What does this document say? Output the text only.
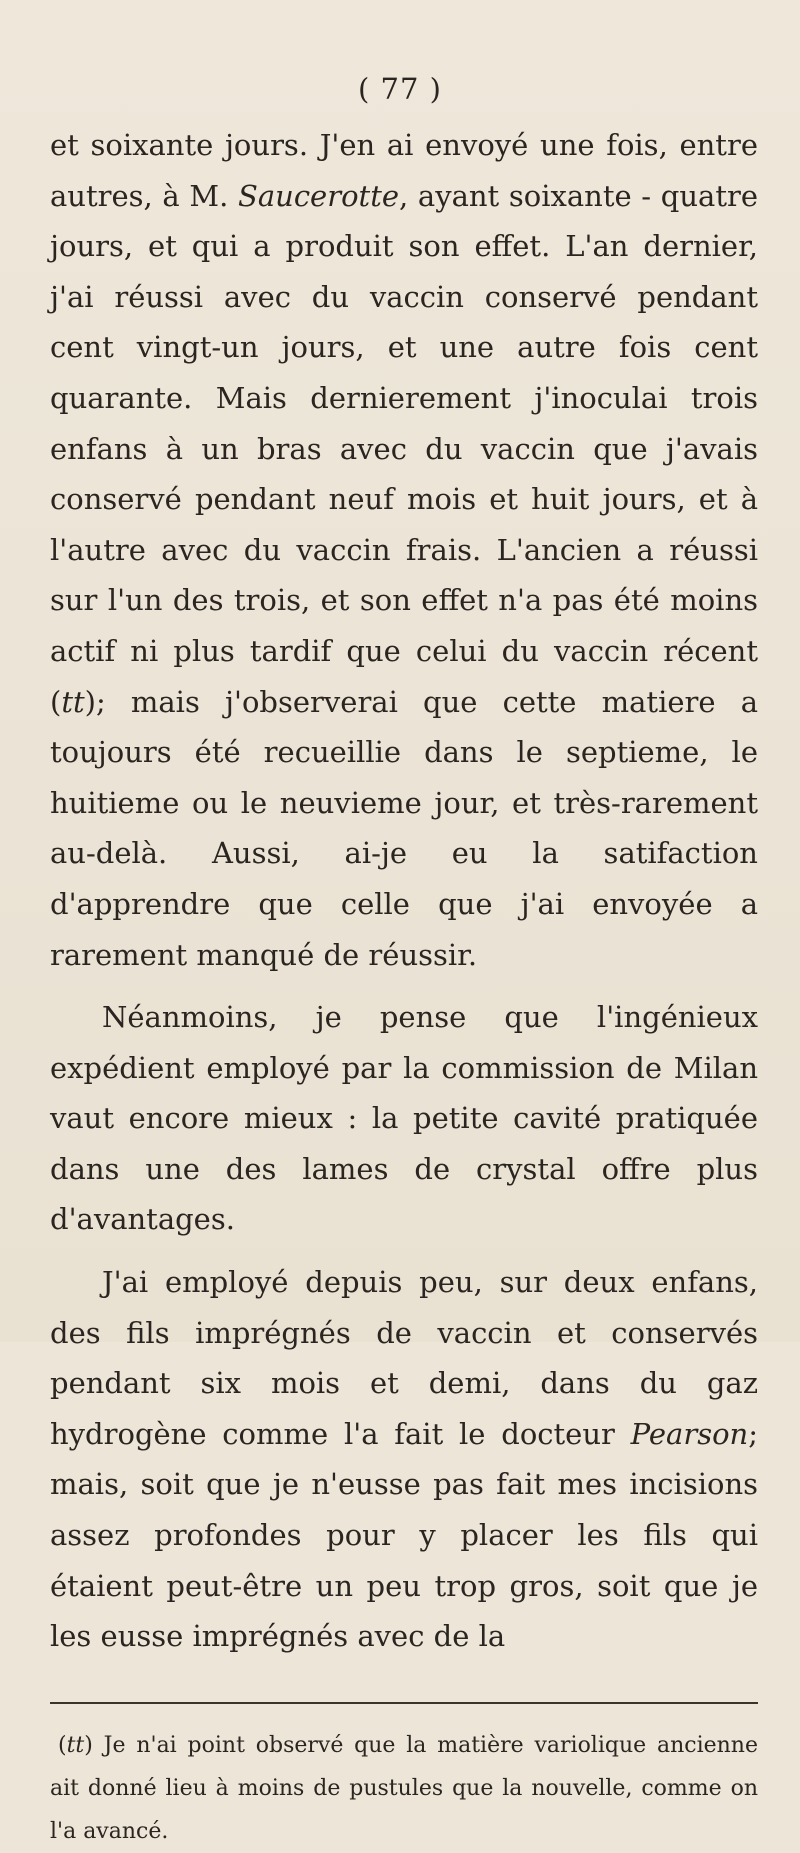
( 77 )

et soixante jours. J'en ai envoyé une fois, entre autres, à M. Saucerotte, ayant soixante - quatre jours, et qui a produit son effet. L'an dernier, j'ai réussi avec du vaccin conservé pendant cent vingt-un jours, et une autre fois cent quarante. Mais dernierement j'inoculai trois enfans à un bras avec du vaccin que j'avais conservé pendant neuf mois et huit jours, et à l'autre avec du vaccin frais. L'ancien a réussi sur l'un des trois, et son effet n'a pas été moins actif ni plus tardif que celui du vaccin récent (tt); mais j'observerai que cette matiere a toujours été recueillie dans le septieme, le huitieme ou le neuvieme jour, et très-rarement au-delà. Aussi, ai-je eu la satifaction d'apprendre que celle que j'ai envoyée a rarement manqué de réussir.

Néanmoins, je pense que l'ingénieux expédient employé par la commission de Milan vaut encore mieux : la petite cavité pratiquée dans une des lames de crystal offre plus d'avantages.

J'ai employé depuis peu, sur deux enfans, des fils imprégnés de vaccin et conservés pendant six mois et demi, dans du gaz hydrogène comme l'a fait le docteur Pearson; mais, soit que je n'eusse pas fait mes incisions assez profondes pour y placer les fils qui étaient peut-être un peu trop gros, soit que je les eusse imprégnés avec de la

(tt) Je n'ai point observé que la matière variolique ancienne ait donné lieu à moins de pustules que la nouvelle, comme on l'a avancé.
